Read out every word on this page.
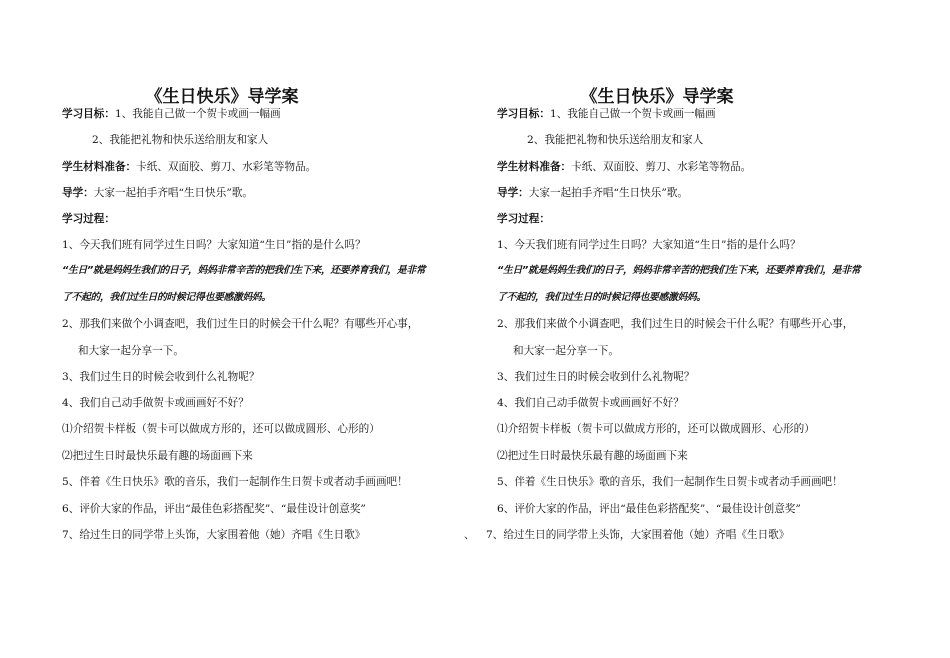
《生日快乐》导学案
学习目标：1、我能自己做一个贺卡或画一幅画
2、我能把礼物和快乐送给朋友和家人
学生材料准备：卡纸、双面胶、剪刀、水彩笔等物品。
导学：大家一起拍手齐唱“生日快乐”歌。
学习过程：
1、今天我们班有同学过生日吗？大家知道“生日”指的是什么吗？
“生日”就是妈妈生我们的日子，妈妈非常辛苦的把我们生下来，还要养育我们，是非常
了不起的，我们过生日的时候记得也要感激妈妈。
2、那我们来做个小调查吧，我们过生日的时候会干什么呢？有哪些开心事，
和大家一起分享一下。
3、我们过生日的时候会收到什么礼物呢？
4、我们自己动手做贺卡或画画好不好？
⑴介绍贺卡样板（贺卡可以做成方形的，还可以做成圆形、心形的）
⑵把过生日时最快乐最有趣的场面画下来
5、伴着《生日快乐》歌的音乐，我们一起制作生日贺卡或者动手画画吧！
6、评价大家的作品，评出“最佳色彩搭配奖”、“最佳设计创意奖”
7、给过生日的同学带上头饰，大家围着他（她）齐唱《生日歌》	、
《生日快乐》导学案
学习目标：1、我能自己做一个贺卡或画一幅画
2、我能把礼物和快乐送给朋友和家人
学生材料准备：卡纸、双面胶、剪刀、水彩笔等物品。
导学：大家一起拍手齐唱“生日快乐”歌。
学习过程：
1、今天我们班有同学过生日吗？大家知道“生日”指的是什么吗？
“生日”就是妈妈生我们的日子，妈妈非常辛苦的把我们生下来，还要养育我们，是非常
了不起的，我们过生日的时候记得也要感激妈妈。
2、那我们来做个小调查吧，我们过生日的时候会干什么呢？有哪些开心事，
和大家一起分享一下。
3、我们过生日的时候会收到什么礼物呢？
4、我们自己动手做贺卡或画画好不好？
⑴介绍贺卡样板（贺卡可以做成方形的，还可以做成圆形、心形的）
⑵把过生日时最快乐最有趣的场面画下来
5、伴着《生日快乐》歌的音乐，我们一起制作生日贺卡或者动手画画吧！
6、评价大家的作品，评出“最佳色彩搭配奖”、“最佳设计创意奖”
7、给过生日的同学带上头饰，大家围着他（她）齐唱《生日歌》
